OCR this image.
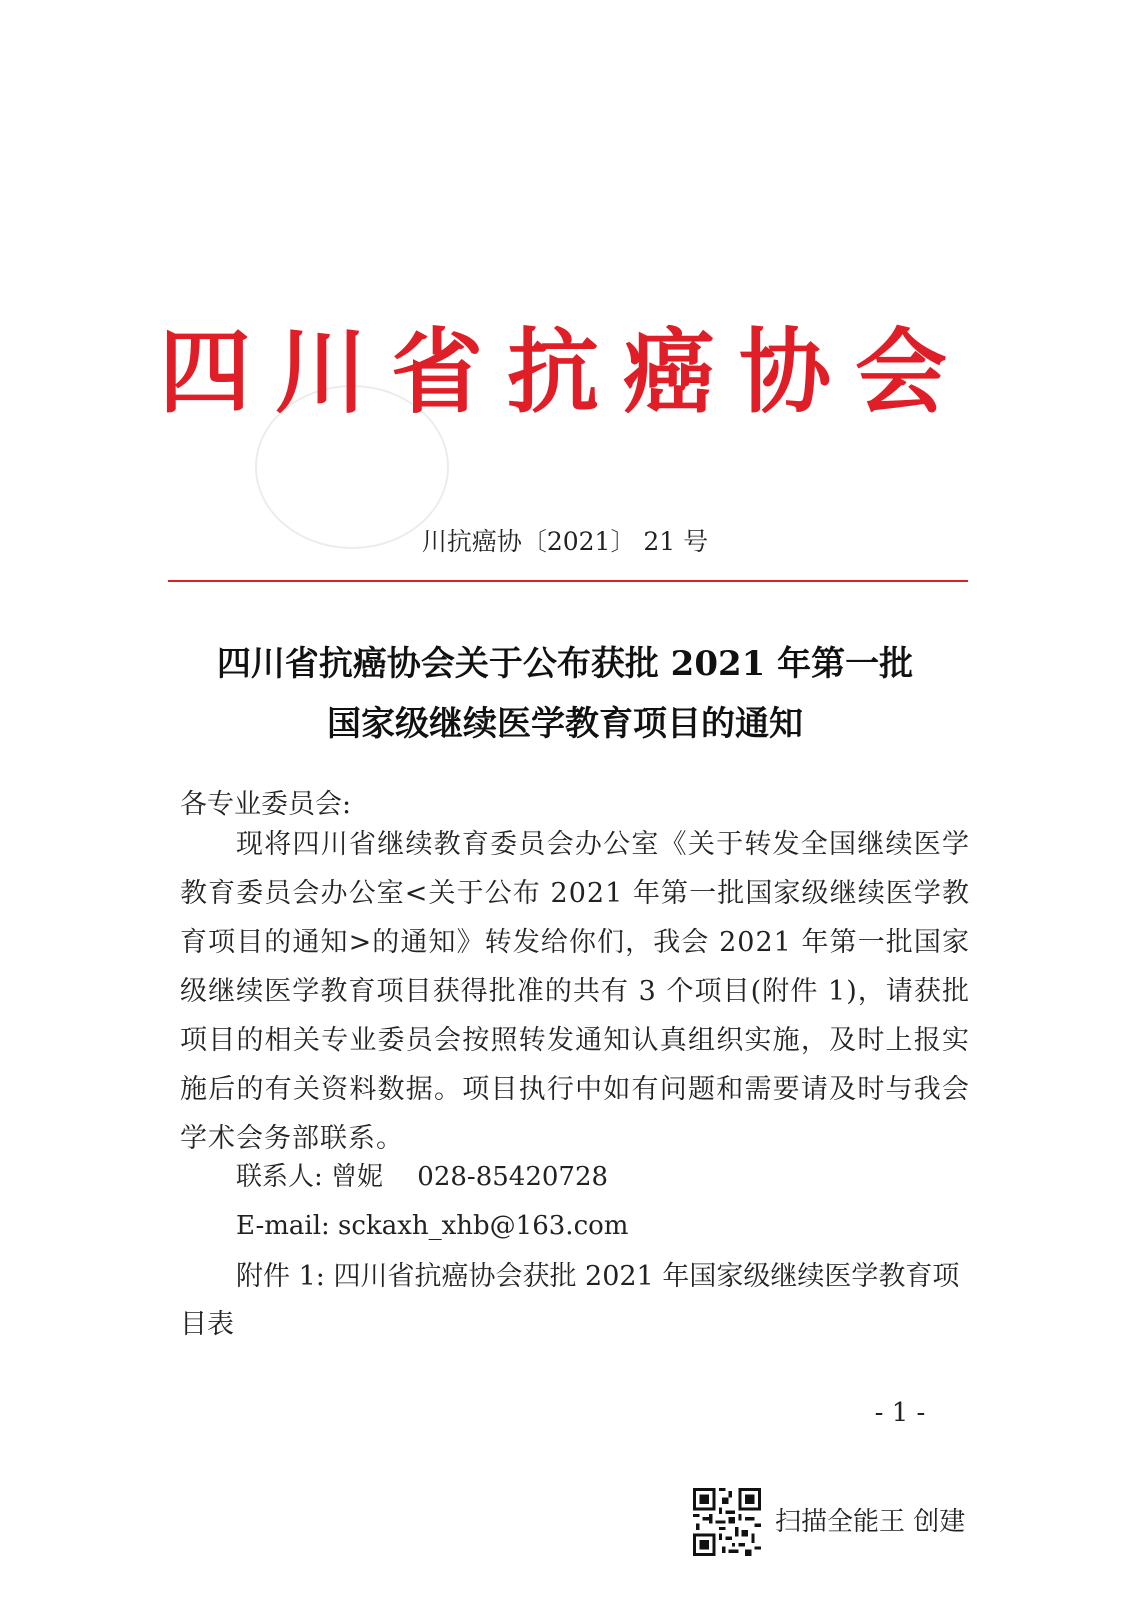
四川省抗癌协会
川抗癌协〔2021〕 21 号
四川省抗癌协会关于公布获批 2021 年第一批
国家级继续医学教育项目的通知
各专业委员会:
现将四川省继续教育委员会办公室《关于转发全国继续医学教育委员会办公室<关于公布 2021 年第一批国家级继续医学教育项目的通知>的通知》转发给你们，我会 2021 年第一批国家级继续医学教育项目获得批准的共有 3 个项目(附件 1)，请获批项目的相关专业委员会按照转发通知认真组织实施，及时上报实施后的有关资料数据。项目执行中如有问题和需要请及时与我会学术会务部联系。
联系人: 曾妮　 028-85420728
E-mail: sckaxh_xhb@163.com
附件 1: 四川省抗癌协会获批 2021 年国家级继续医学教育项目表
- 1 -
扫描全能王 创建
